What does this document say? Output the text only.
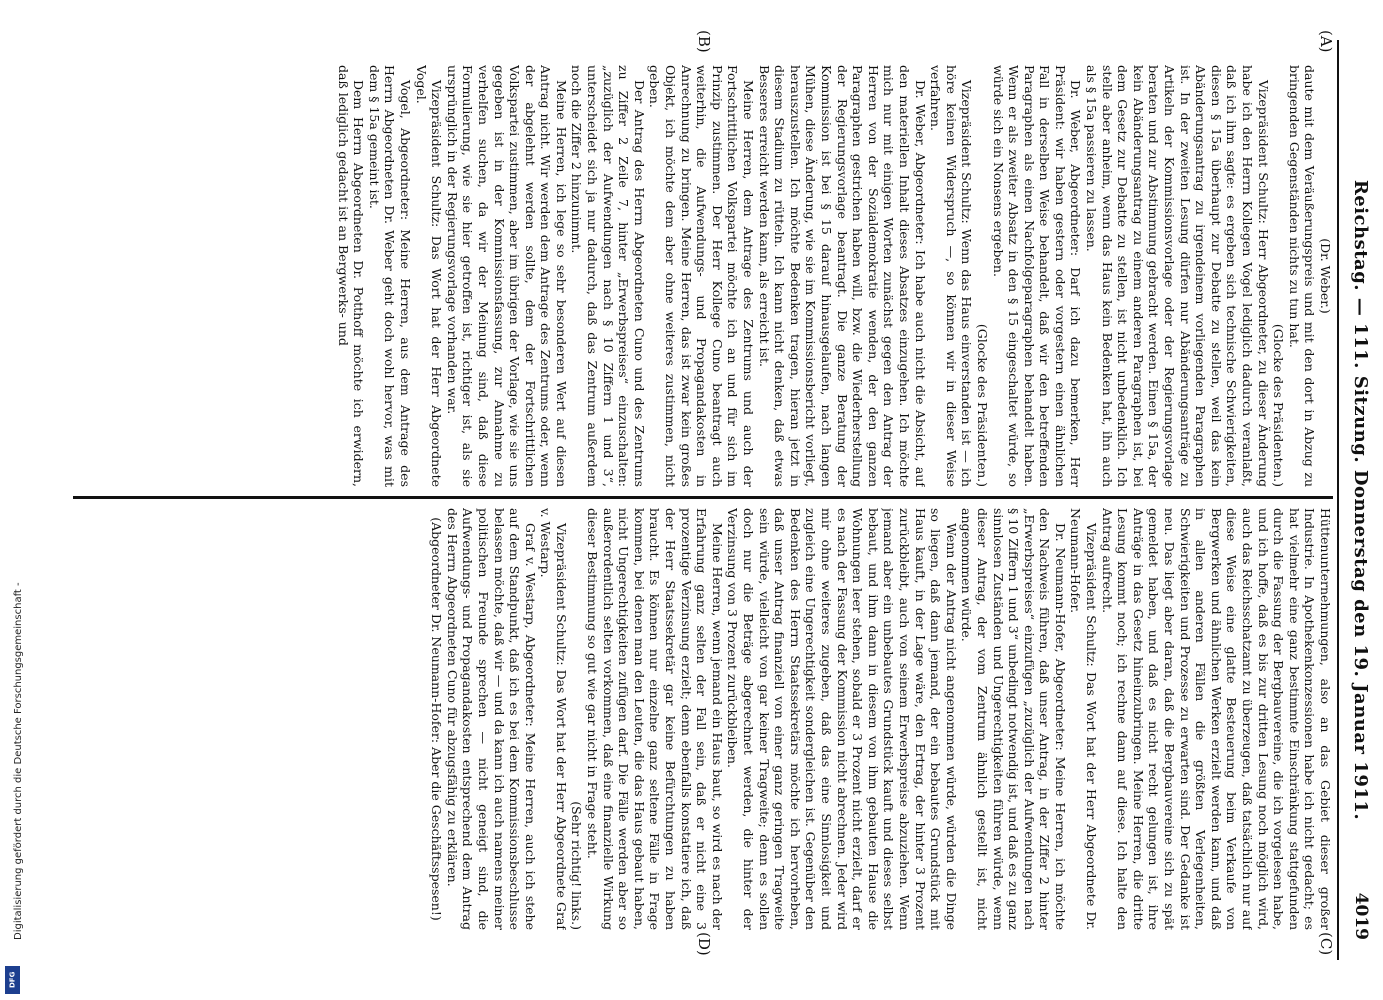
Reichstag. — 111. Sitzung. Donnerstag den 19. Januar 1911.
4019
(A)
(B)
(C)
(D)

(Dr. Weber.)

daute mit dem Veräußerungspreis und mit den dort in Abzug zu bringenden Gegenständen nichts zu tun hat.

(Glocke des Präsidenten.)

Vizepräsident Schultz: Herr Abgeordneter, zu dieser Änderung habe ich den Herrn Kollegen Vogel lediglich dadurch veranlaßt, daß ich ihm sagte: es ergeben sich technische Schwierigkeiten, diesen § 15a überhaupt zur Debatte zu stellen, weil das kein Abänderungsantrag zu irgendeinem vorliegenden Paragraphen ist. In der zweiten Lesung dürfen nur Abänderungsanträge zu Artikeln der Kommissionsvorlage oder der Regierungsvorlage beraten und zur Abstimmung gebracht werden. Einen § 15a, der kein Abänderungsantrag zu einem anderen Paragraphen ist, bei dem Gesetz zur Debatte zu stellen, ist nicht unbedenklich. Ich stelle aber anheim, wenn das Haus kein Bedenken hat, ihn auch als § 15a passieren zu lassen.

Dr. Weber, Abgeordneter: Darf ich dazu bemerken, Herr Präsident: wir haben gestern oder vorgestern einen ähnlichen Fall in derselben Weise behandelt, daß wir den betreffenden Paragraphen als einen Nachfolgeparagraphen behandelt haben. Wenn er als zweiter Absatz in den § 15 eingeschaltet würde, so würde sich ein Nonsens ergeben.

(Glocke des Präsidenten.)

Vizepräsident Schultz: Wenn das Haus einverstanden ist — ich höre keinen Widerspruch —, so können wir in dieser Weise verfahren.

Dr. Weber, Abgeordneter: Ich habe auch nicht die Absicht, auf den materiellen Inhalt dieses Absatzes einzugehen. Ich möchte mich nur mit einigen Worten zunächst gegen den Antrag der Herren von der Sozialdemokratie wenden, der den ganzen Paragraphen gestrichen haben will, bzw. die Wiederherstellung der Regierungsvorlage beantragt. Die ganze Beratung der Kommission ist bei § 15 darauf hinausgelaufen, nach langen Mühen, diese Änderung, wie sie im Kommissionsbericht vorliegt, herauszustellen. Ich möchte Bedenken tragen, hieran jetzt in diesem Stadium zu rütteln. Ich kann nicht denken, daß etwas Besseres erreicht werden kann, als erreicht ist.

Meine Herren, dem Antrage des Zentrums und auch der Fortschrittlichen Volkspartei möchte ich an und für sich im Prinzip zustimmen. Der Herr Kollege Cuno beantragt auch weiterhin, die Aufwendungs- und Propagandakosten in Anrechnung zu bringen. Meine Herren, das ist zwar kein großes Objekt, ich möchte dem aber ohne weiteres zustimmen, nicht geben.

Der Antrag des Herrn Abgeordneten Cuno und des Zentrums zu Ziffer 2 Zeile 7, hinter „Erwerbspreises“ einzuschalten: „zuzüglich der Aufwendungen nach § 10 Ziffern 1 und 3“, unterscheidet sich ja nur dadurch, daß das Zentrum außerdem noch die Ziffer 2 hinzunimmt.

Meine Herren, ich lege so sehr besonderen Wert auf diesen Antrag nicht. Wir werden dem Antrage des Zentrums oder, wenn der abgelehnt werden sollte, dem der Fortschrittlichen Volkspartei zustimmen, aber im übrigen der Vorlage, wie sie uns gegeben ist in der Kommissionsfassung, zur Annahme zu verhelfen suchen, da wir der Meinung sind, daß diese Formulierung, wie sie hier getroffen ist, richtiger ist, als sie ursprünglich in der Regierungsvorlage vorhanden war.

Vizepräsident Schultz: Das Wort hat der Herr Abgeordnete Vogel.

Vogel, Abgeordneter: Meine Herren, aus dem Antrage des Herrn Abgeordneten Dr. Weber geht doch wohl hervor, was mit dem § 15a gemeint ist.

Dem Herrn Abgeordneten Dr. Potthoff möchte ich erwidern, daß lediglich gedacht ist an Bergwerks- und

Hüttenunternehmungen, also an das Gebiet dieser großer Industrie. In Apothekenkonzessionen habe ich nicht gedacht; es hat vielmehr eine ganz bestimmte Einschränkung stattgefunden durch die Fassung der Bergbauvereine, die ich vorgelesen habe, und ich hoffe, daß es bis zur dritten Lesung noch möglich wird, auch das Reichsschatzamt zu überzeugen, daß tatsächlich nur auf diese Weise eine glatte Besteuerung beim Verkaufe von Bergwerken und ähnlichen Werken erzielt werden kann, und daß in allen anderen Fällen die größten Verlegenheiten, Schwierigkeiten und Prozesse zu erwarten sind. Der Gedanke ist neu. Das liegt aber daran, daß die Bergbauvereine sich zu spät gemeldet haben, und daß es nicht recht gelungen ist, ihre Anträge in das Gesetz hineinzubringen. Meine Herren, die dritte Lesung kommt noch; ich rechne dann auf diese. Ich halte den Antrag aufrecht.

Vizepräsident Schultz: Das Wort hat der Herr Abgeordnete Dr. Neumann-Hofer.

Dr. Neumann-Hofer, Abgeordneter: Meine Herren, ich möchte den Nachweis führen, daß unser Antrag, in der Ziffer 2 hinter „Erwerbspreises“ einzufügen „zuzüglich der Aufwendungen nach § 10 Ziffern 1 und 3“ unbedingt notwendig ist, und daß es zu ganz sinnlosen Zuständen und Ungerechtigkeiten führen würde, wenn dieser Antrag, der vom Zentrum ähnlich gestellt ist, nicht angenommen würde.

Wenn der Antrag nicht angenommen würde, würden die Dinge so liegen, daß dann jemand, der ein bebautes Grundstück mit Haus kauft, in der Lage wäre, den Ertrag, der hinter 3 Prozent zurückbleibt, auch von seinem Erwerbspreise abzuziehen. Wenn jemand aber ein unbebautes Grundstück kauft und dieses selbst bebaut, und ihm dann in diesem von ihm gebauten Hause die Wohnungen leer stehen, sobald er 3 Prozent nicht erzielt, darf er es nach der Fassung der Kommission nicht abrechnen. Jeder wird mir ohne weiteres zugeben, daß das eine Sinnlosigkeit und zugleich eine Ungerechtigkeit sondergleichen ist. Gegenüber den Bedenken des Herrn Staatssekretärs möchte ich hervorheben, daß unser Antrag finanziell von einer ganz geringen Tragweite sein würde, vielleicht von gar keiner Tragweite; denn es sollen doch nur die Beträge abgerechnet werden, die hinter der Verzinsung von 3 Prozent zurückbleiben.

Meine Herren, wenn jemand ein Haus baut, so wird es nach der Erfahrung ganz selten der Fall sein, daß er nicht eine 3 prozentige Verzinsung erzielt; denn ebenfalls konstatiere ich, daß der Herr Staatssekretär gar keine Befürchtungen zu haben braucht. Es können nur einzelne ganz seltene Fälle in Frage kommen, bei denen man den Leuten, die das Haus gebaut haben, nicht Ungerechtigkeiten zufügen darf. Die Fälle werden aber so außerordentlich selten vorkommen, daß eine finanzielle Wirkung dieser Bestimmung so gut wie gar nicht in Frage steht.

(Sehr richtig! links.)

Vizepräsident Schultz: Das Wort hat der Herr Abgeordnete Graf v. Westarp.

Graf v. Westarp, Abgeordneter: Meine Herren, auch ich stehe auf dem Standpunkt, daß ich es bei dem Kommissionsbeschlusse belassen möchte, daß wir — und da kann ich auch namens meiner politischen Freunde sprechen — nicht geneigt sind, die Aufwendungs- und Propagandakosten entsprechend dem Antrag des Herrn Abgeordneten Cuno für abzugsfähig zu erklären.

(Abgeordneter Dr. Neumann-Hofer: Aber die Geschäftsspesen!)

Digitalisierung gefördert durch die Deutsche Forschungsgemeinschaft -
DFG
